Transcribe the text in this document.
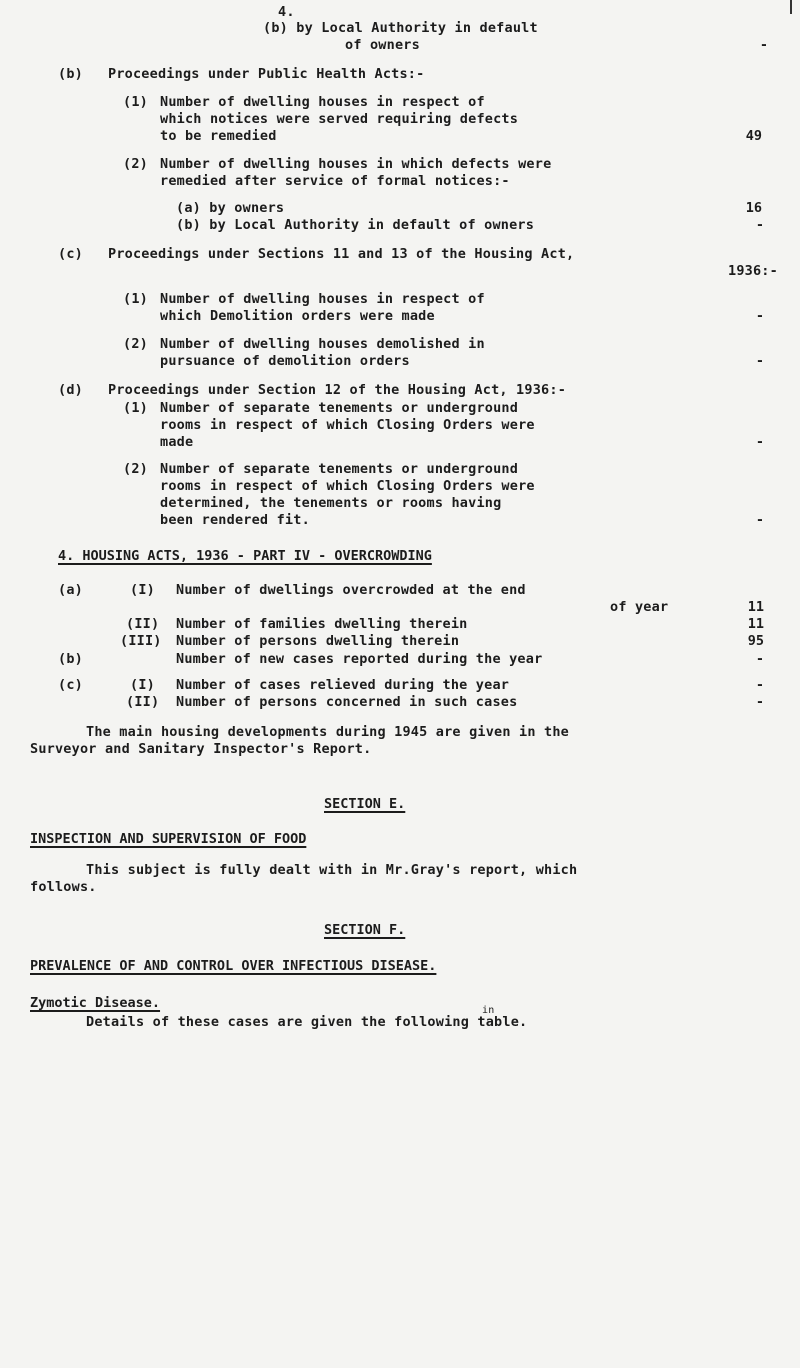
4.
(b) by Local Authority in default
of owners	-
(b) Proceedings under Public Health Acts:-
(1) Number of dwelling houses in respect of
which notices were served requiring defects
to be remedied	49
(2) Number of dwelling houses in which defects were
remedied after service of formal notices:-
(a) by owners	16
(b) by Local Authority in default of owners	-
(c) Proceedings under Sections 11 and 13 of the Housing Act,
1936:-
(1) Number of dwelling houses in respect of
which Demolition orders were made	-
(2) Number of dwelling houses demolished in
pursuance of demolition orders	-
(d) Proceedings under Section 12 of the Housing Act, 1936:-
(1) Number of separate tenements or underground
rooms in respect of which Closing Orders were
made	-
(2) Number of separate tenements or underground
rooms in respect of which Closing Orders were
determined, the tenements or rooms having
been rendered fit.	-
4. HOUSING ACTS, 1936 - PART IV - OVERCROWDING
(a)	(I) Number of dwellings overcrowded at the end
of year	11
(II) Number of families dwelling therein	11
(III) Number of persons dwelling therein	95
(b)	Number of new cases reported during the year	-
(c)	(I) Number of cases relieved during the year	-
(II) Number of persons concerned in such cases	-
The main housing developments during 1945 are given in the
Surveyor and Sanitary Inspector's Report.
SECTION E.
INSPECTION AND SUPERVISION OF FOOD
This subject is fully dealt with in Mr.Gray's report, which
follows.
SECTION F.
PREVALENCE OF AND CONTROL OVER INFECTIOUS DISEASE.
Zymotic Disease.	in
Details of these cases are given the following table.
